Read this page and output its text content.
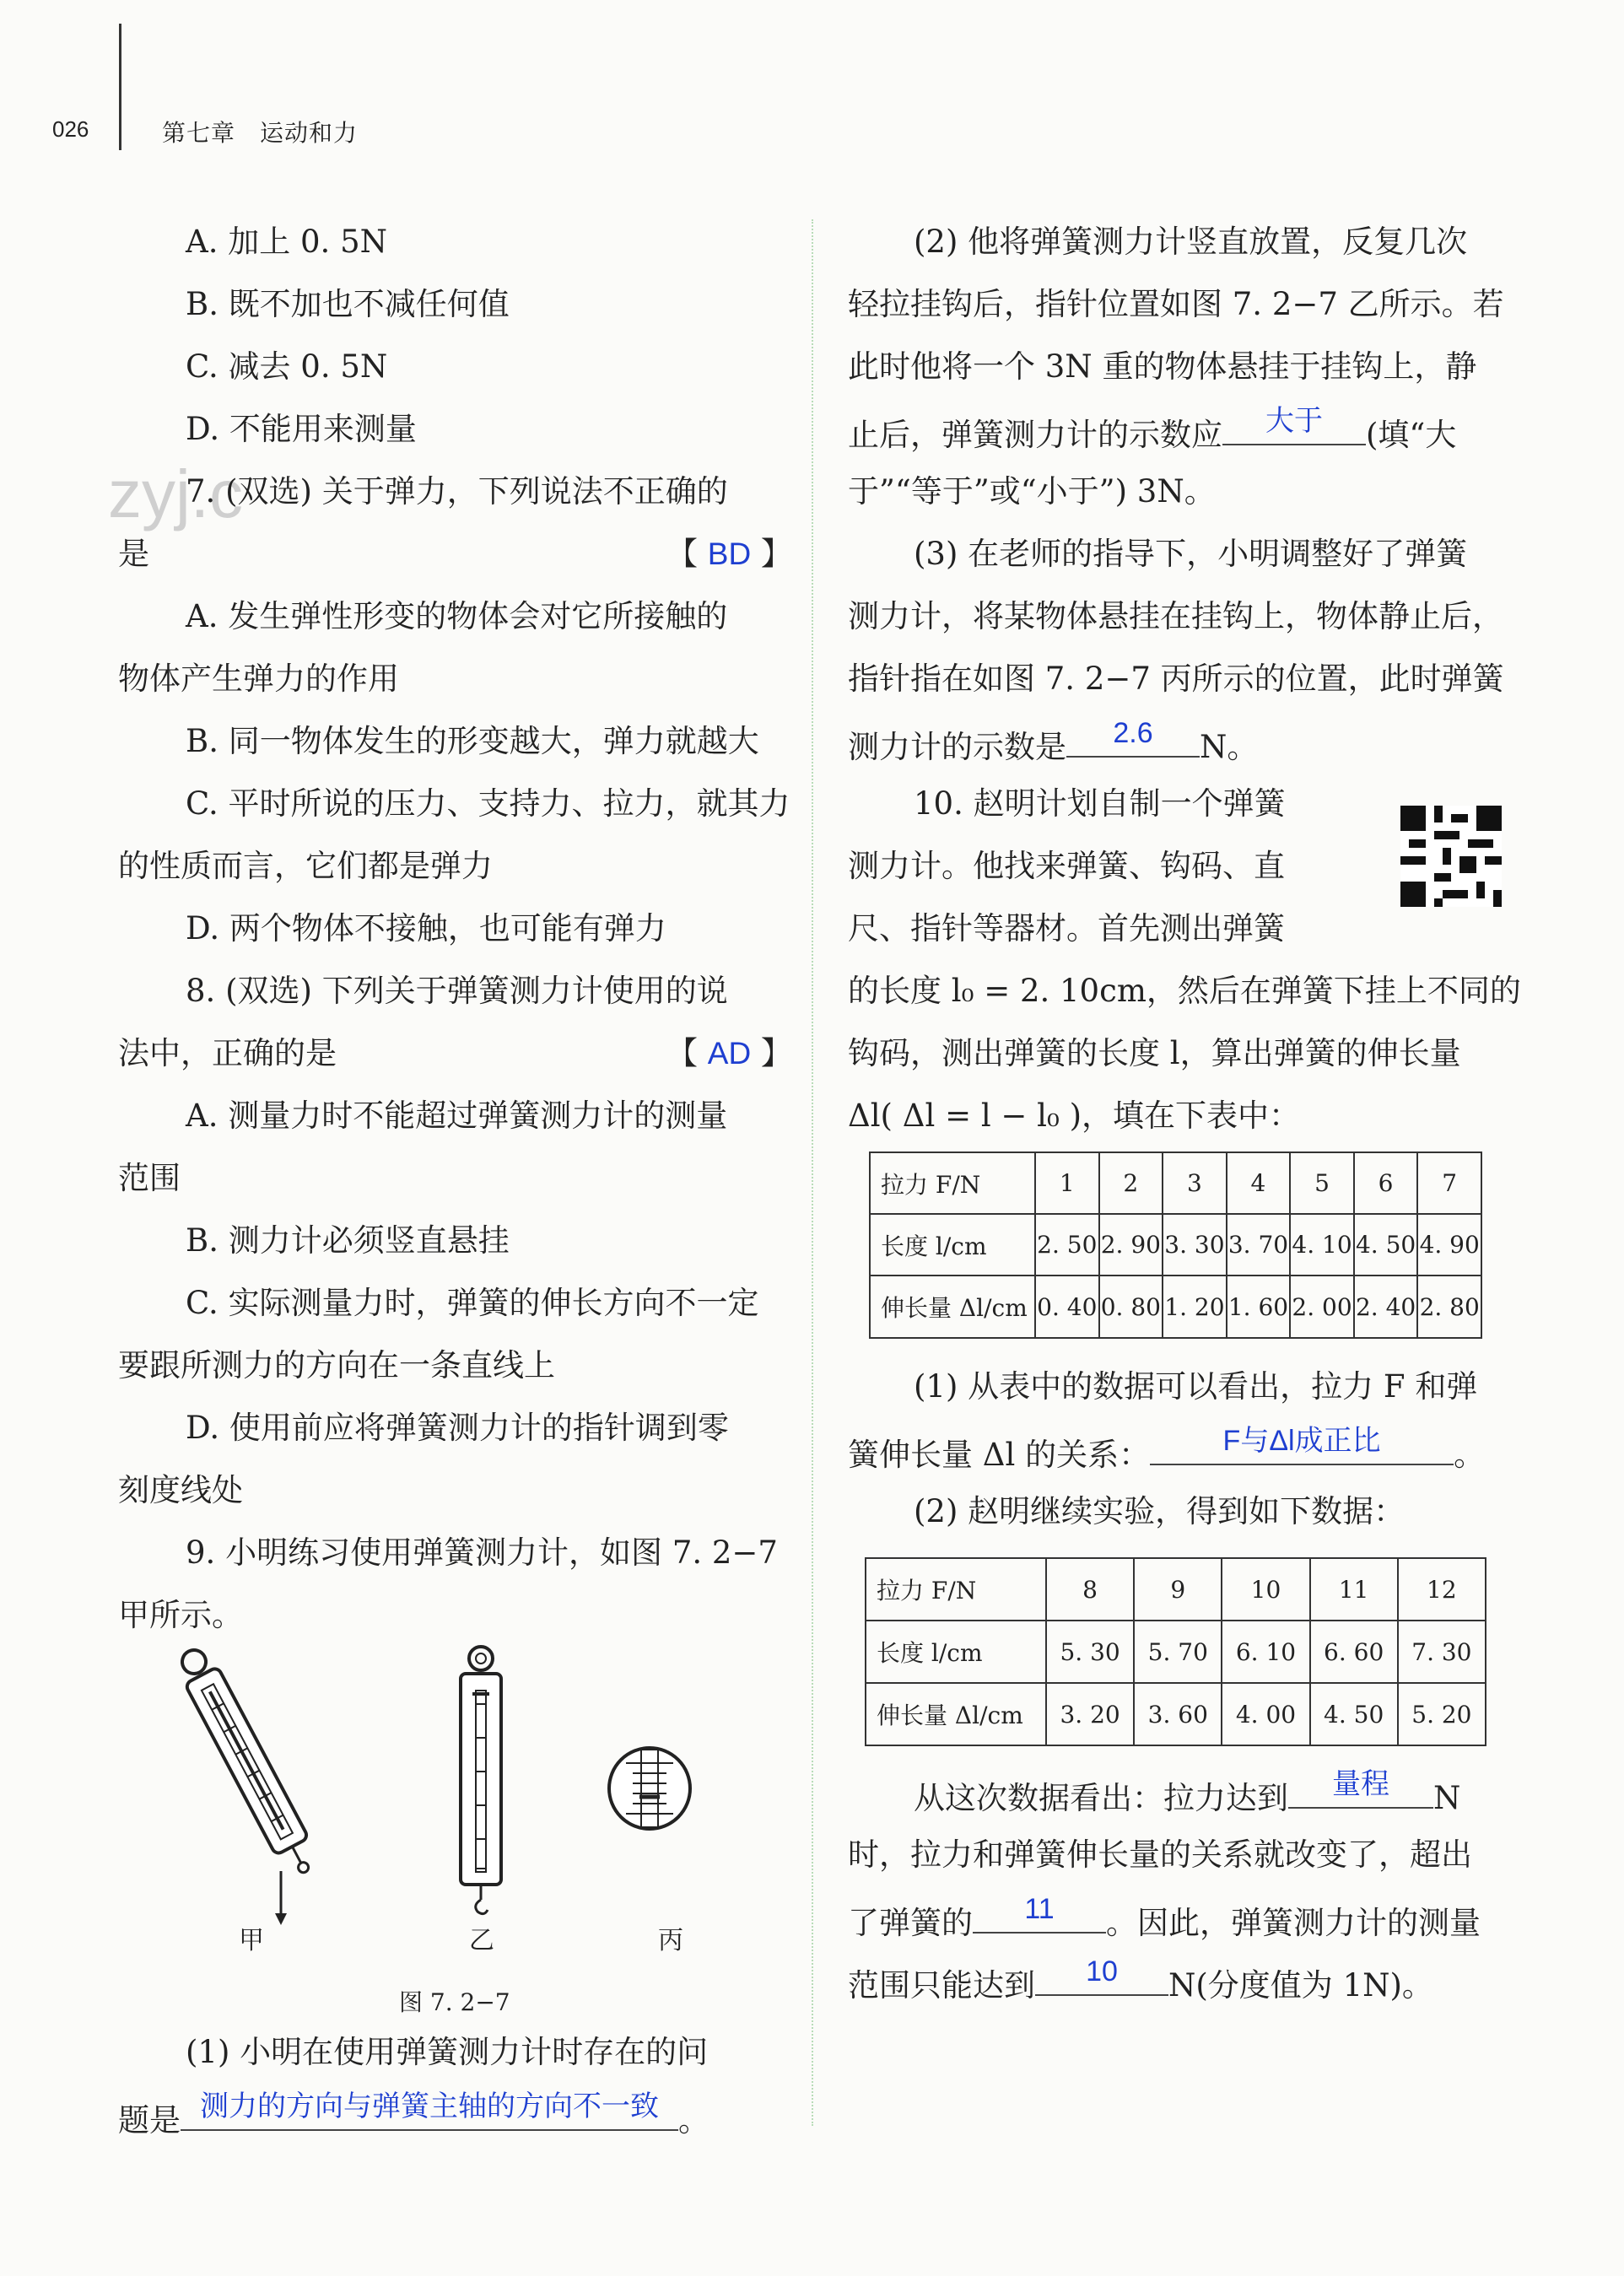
026	第七章　运动和力
zyj.c
A. 加上 0. 5N
B. 既不加也不减任何值
C. 减去 0. 5N
D. 不能用来测量
7. (双选) 关于弹力，下列说法不正确的
是	【 BD 】
A. 发生弹性形变的物体会对它所接触的
物体产生弹力的作用
B. 同一物体发生的形变越大，弹力就越大
C. 平时所说的压力、支持力、拉力，就其力
的性质而言，它们都是弹力
D. 两个物体不接触，也可能有弹力
8. (双选) 下列关于弹簧测力计使用的说
法中，正确的是	【 AD 】
A. 测量力时不能超过弹簧测力计的测量
范围
B. 测力计必须竖直悬挂
C. 实际测量力时，弹簧的伸长方向不一定
要跟所测力的方向在一条直线上
D. 使用前应将弹簧测力计的指针调到零
刻度线处
9. 小明练习使用弹簧测力计，如图 7. 2−7
甲所示。
甲	乙	丙
图 7. 2−7
(1) 小明在使用弹簧测力计时存在的问
题是 测力的方向与弹簧主轴的方向不一致 。
(2) 他将弹簧测力计竖直放置，反复几次
轻拉挂钩后，指针位置如图 7. 2−7 乙所示。若
此时他将一个 3N 重的物体悬挂于挂钩上，静
止后，弹簧测力计的示数应	大于	(填“大
于”“等于”或“小于”) 3N。
(3) 在老师的指导下，小明调整好了弹簧
测力计，将某物体悬挂在挂钩上，物体静止后，
指针指在如图 7. 2−7 丙所示的位置，此时弹簧
测力计的示数是	2.6	N。
10. 赵明计划自制一个弹簧
测力计。他找来弹簧、钩码、直
尺、指针等器材。首先测出弹簧
的长度 l₀ = 2. 10cm，然后在弹簧下挂上不同的
钩码，测出弹簧的长度 l，算出弹簧的伸长量
Δl( Δl = l − l₀ )，填在下表中：
拉力 F/N	1	2	3	4	5	6	7
长度 l/cm	2. 50	2. 90	3. 30	3. 70	4. 10	4. 50	4. 90
伸长量 Δl/cm	0. 40	0. 80	1. 20	1. 60	2. 00	2. 40	2. 80
(1) 从表中的数据可以看出，拉力 F 和弹
簧伸长量 Δl 的关系：	F与Δl成正比	。
(2) 赵明继续实验，得到如下数据：
拉力 F/N	8	9	10	11	12
长度 l/cm	5. 30	5. 70	6. 10	6. 60	7. 30
伸长量 Δl/cm	3. 20	3. 60	4. 00	4. 50	5. 20
从这次数据看出：拉力达到	量程	N
时，拉力和弹簧伸长量的关系就改变了，超出
了弹簧的	11	。因此，弹簧测力计的测量
范围只能达到	10	N(分度值为 1N)。
